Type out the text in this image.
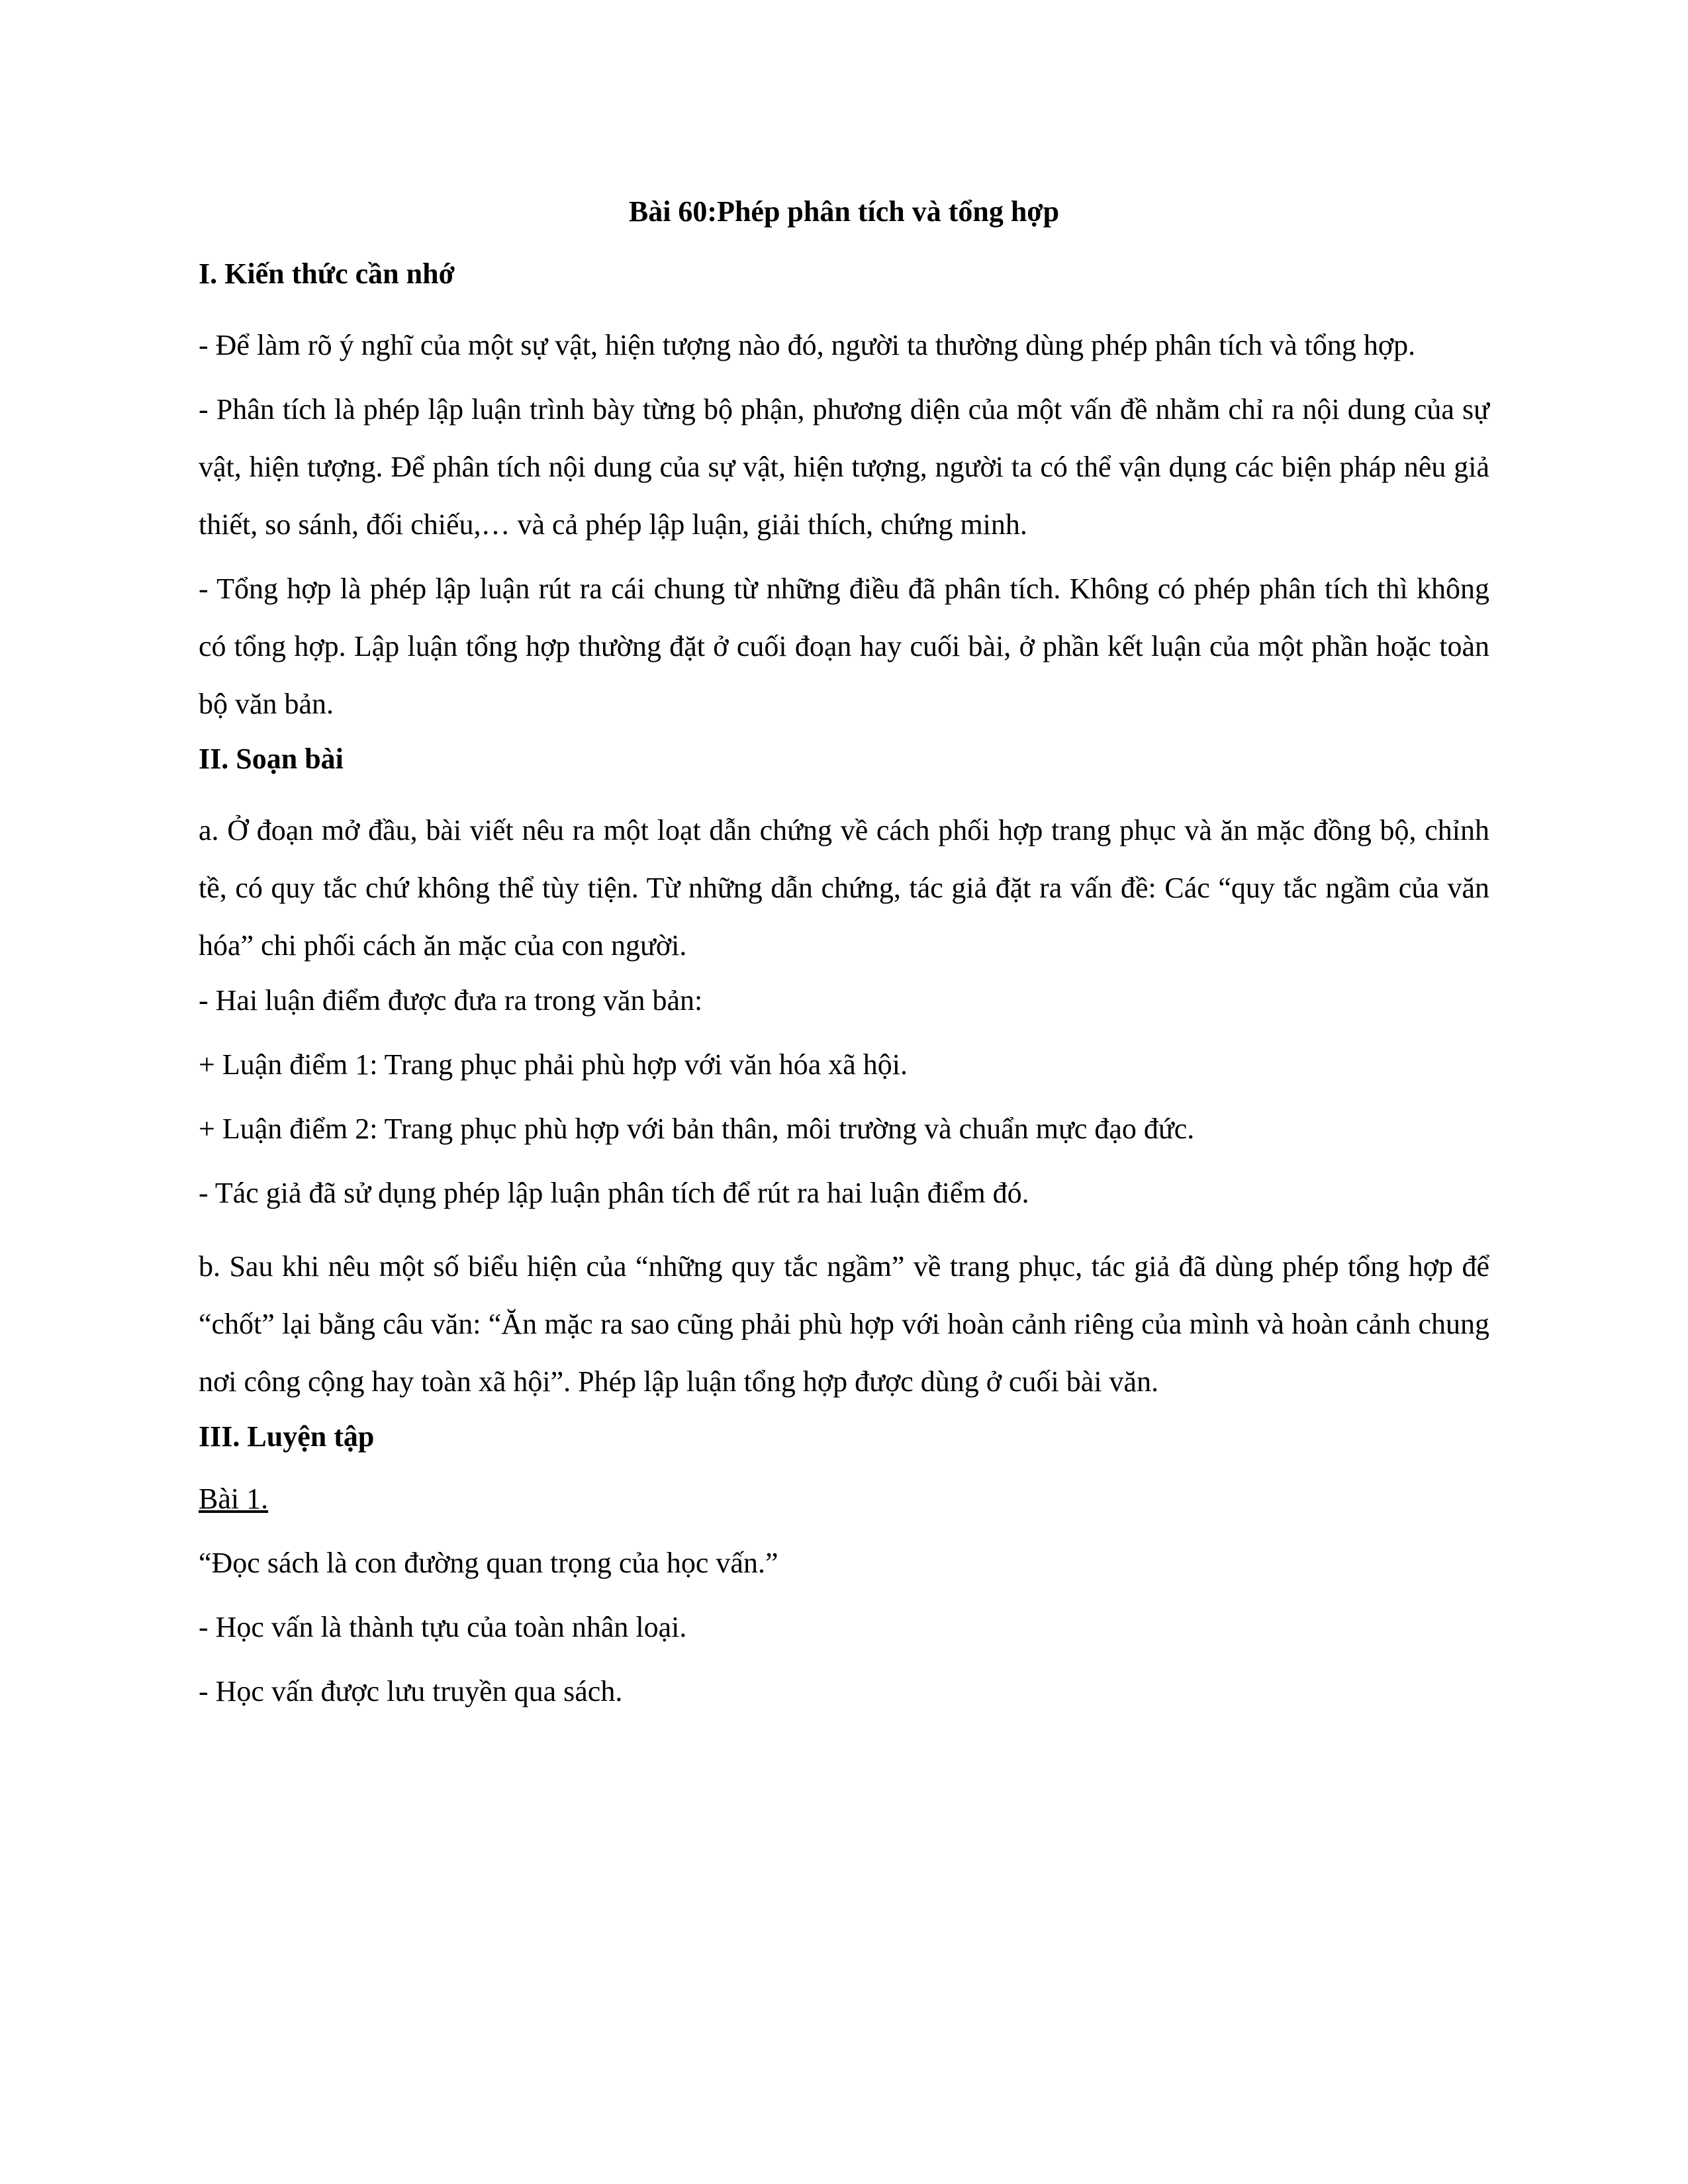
Bài 60:Phép phân tích và tổng hợp
I. Kiến thức cần nhớ
- Để làm rõ ý nghĩ của một sự vật, hiện tượng nào đó, người ta thường dùng phép phân tích và tổng hợp.
- Phân tích là phép lập luận trình bày từng bộ phận, phương diện của một vấn đề nhằm chỉ ra nội dung của sự vật, hiện tượng. Để phân tích nội dung của sự vật, hiện tượng, người ta có thể vận dụng các biện pháp nêu giả thiết, so sánh, đối chiếu,… và cả phép lập luận, giải thích, chứng minh.
- Tổng hợp là phép lập luận rút ra cái chung từ những điều đã phân tích. Không có phép phân tích thì không có tổng hợp. Lập luận tổng hợp thường đặt ở cuối đoạn hay cuối bài, ở phần kết luận của một phần hoặc toàn bộ văn bản.
II. Soạn bài
a. Ở đoạn mở đầu, bài viết nêu ra một loạt dẫn chứng về cách phối hợp trang phục và ăn mặc đồng bộ, chỉnh tề, có quy tắc chứ không thể tùy tiện. Từ những dẫn chứng, tác giả đặt ra vấn đề: Các “quy tắc ngầm của văn hóa” chi phối cách ăn mặc của con người.
- Hai luận điểm được đưa ra trong văn bản:
+ Luận điểm 1: Trang phục phải phù hợp với văn hóa xã hội.
+ Luận điểm 2: Trang phục phù hợp với bản thân, môi trường và chuẩn mực đạo đức.
- Tác giả đã sử dụng phép lập luận phân tích để rút ra hai luận điểm đó.
b. Sau khi nêu một số biểu hiện của “những quy tắc ngầm” về trang phục, tác giả đã dùng phép tổng hợp để “chốt” lại bằng câu văn: “Ăn mặc ra sao cũng phải phù hợp với hoàn cảnh riêng của mình và hoàn cảnh chung nơi công cộng hay toàn xã hội”. Phép lập luận tổng hợp được dùng ở cuối bài văn.
III. Luyện tập
Bài 1.
“Đọc sách là con đường quan trọng của học vấn.”
- Học vấn là thành tựu của toàn nhân loại.
- Học vấn được lưu truyền qua sách.
